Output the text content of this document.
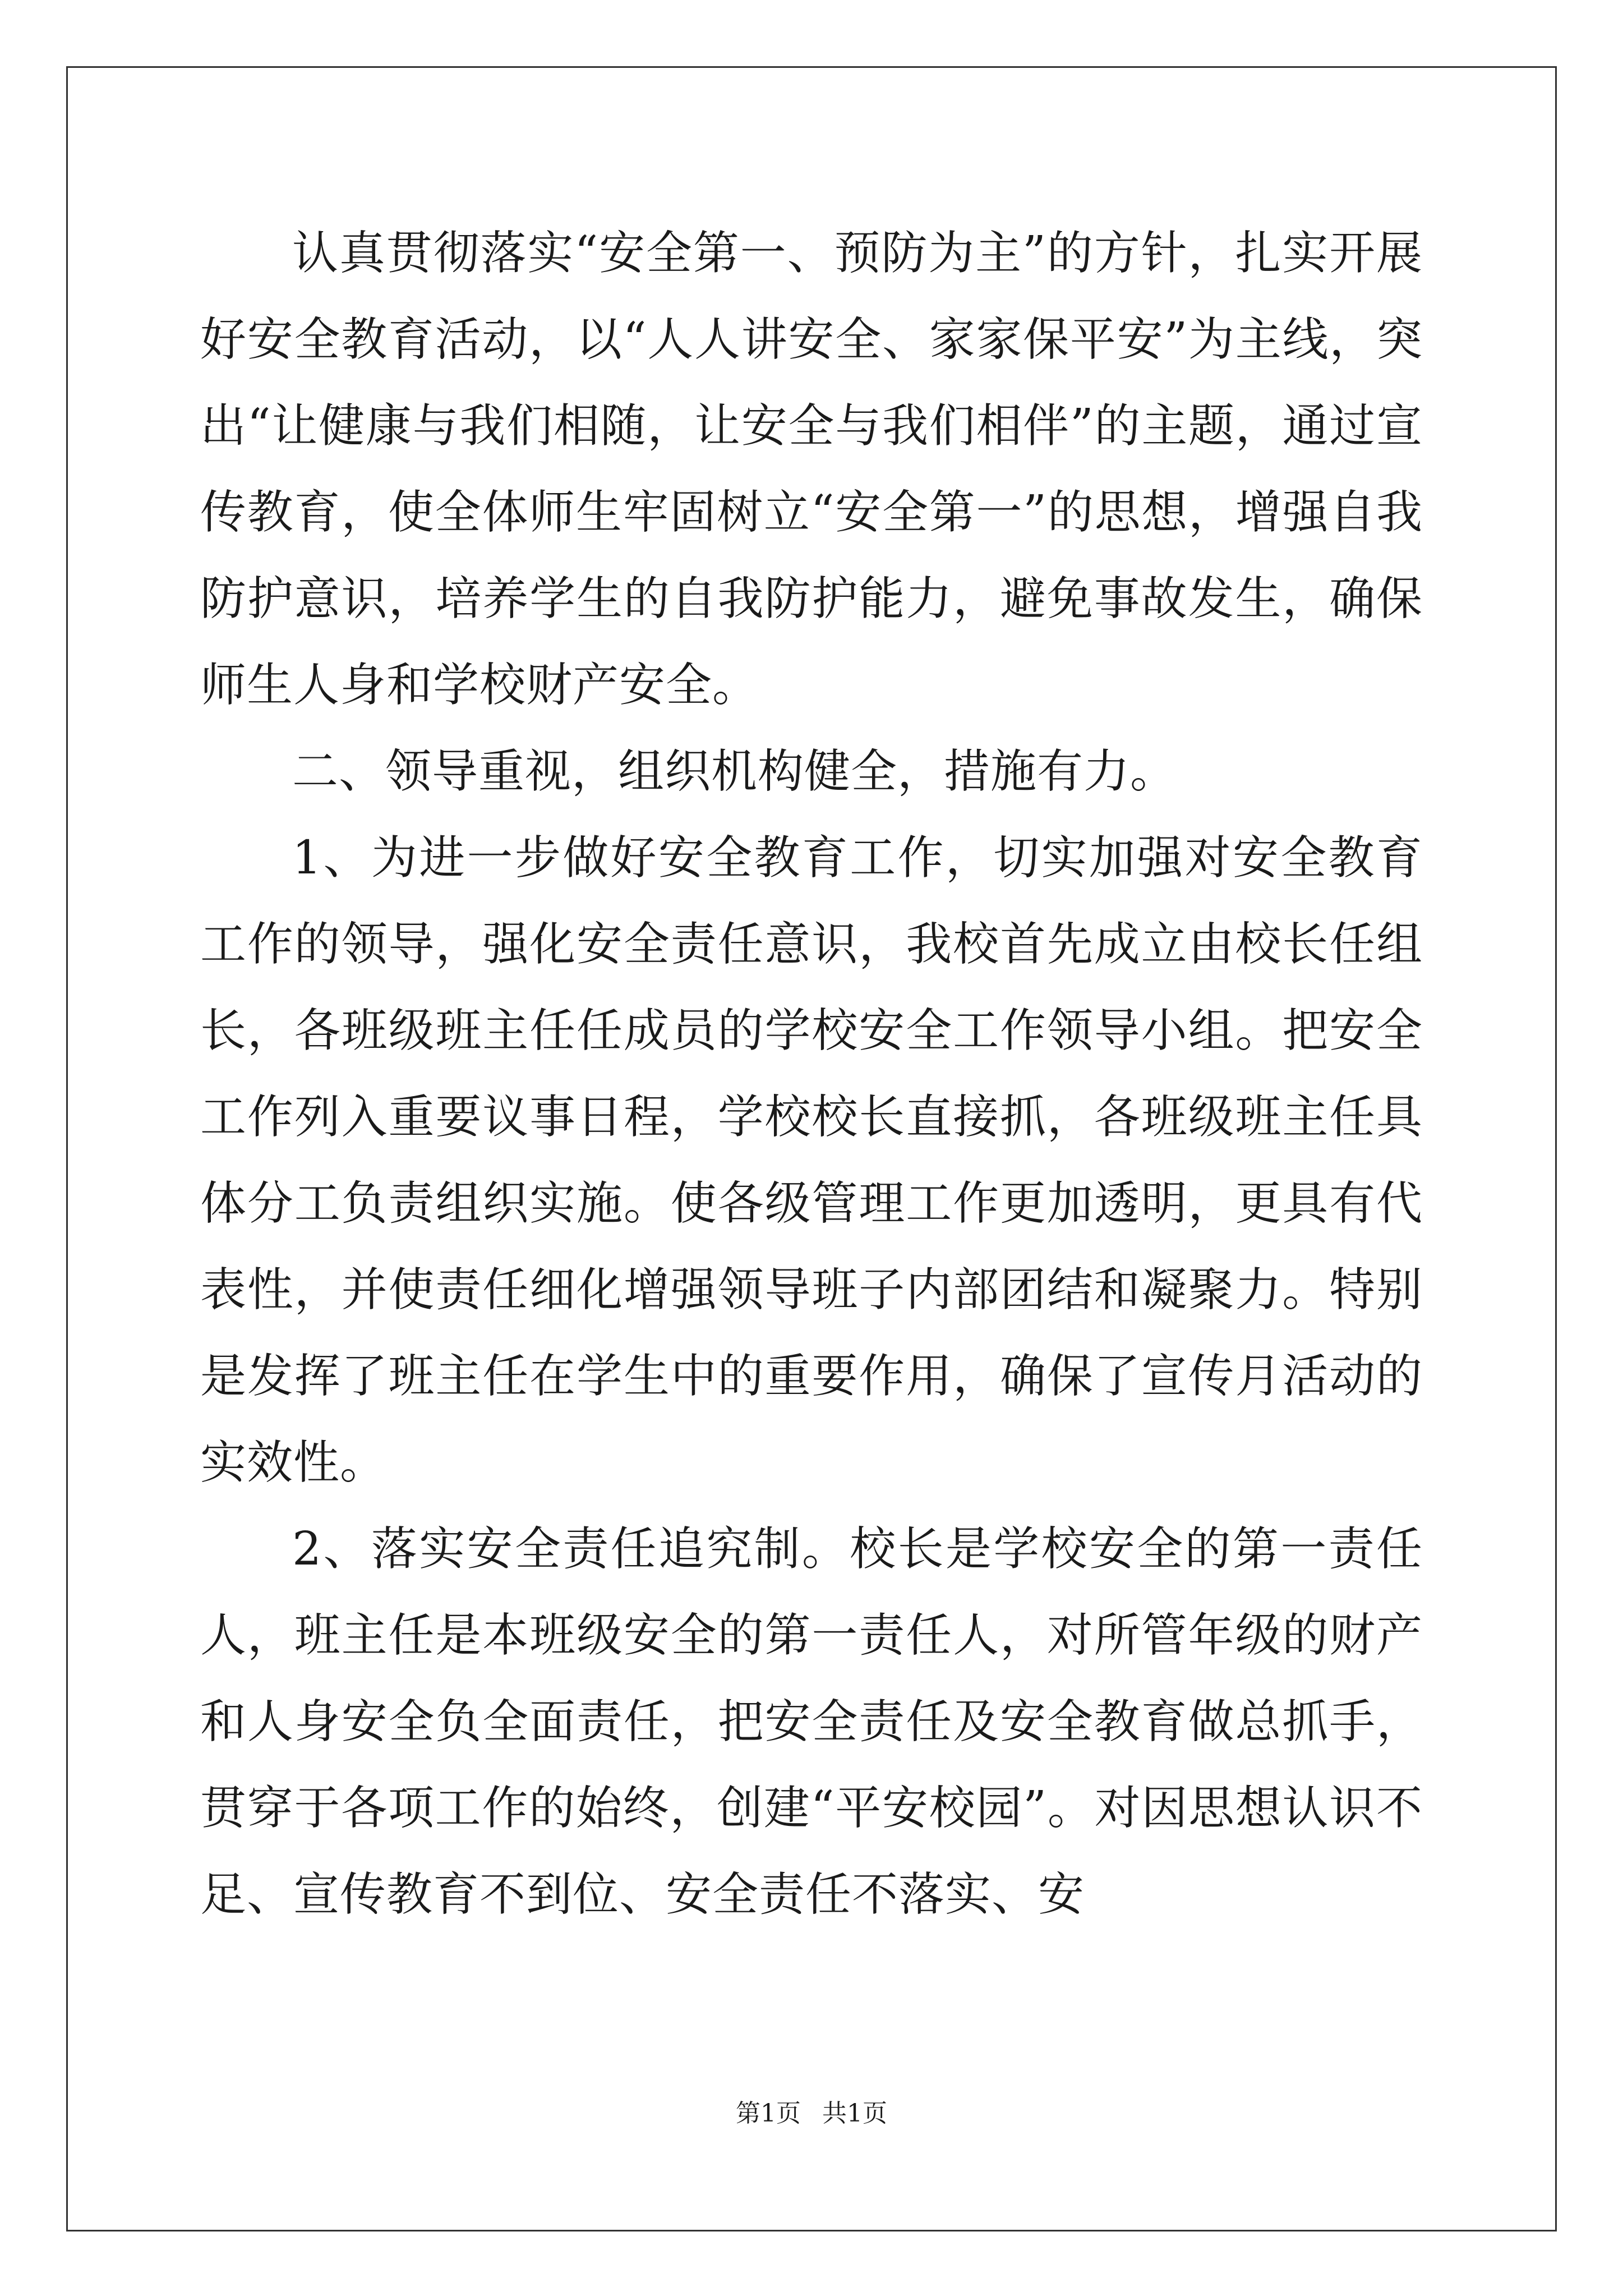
认真贯彻落实“安全第一、预防为主”的方针，扎实开展好安全教育活动，以“人人讲安全、家家保平安”为主线，突出“让健康与我们相随，让安全与我们相伴”的主题，通过宣传教育，使全体师生牢固树立“安全第一”的思想，增强自我防护意识，培养学生的自我防护能力，避免事故发生，确保师生人身和学校财产安全。

二、领导重视，组织机构健全，措施有力。

1、为进一步做好安全教育工作，切实加强对安全教育工作的领导，强化安全责任意识，我校首先成立由校长任组长，各班级班主任任成员的学校安全工作领导小组。把安全工作列入重要议事日程，学校校长直接抓，各班级班主任具体分工负责组织实施。使各级管理工作更加透明，更具有代表性，并使责任细化增强领导班子内部团结和凝聚力。特别是发挥了班主任在学生中的重要作用，确保了宣传月活动的实效性。

2、落实安全责任追究制。校长是学校安全的第一责任人，班主任是本班级安全的第一责任人，对所管年级的财产和人身安全负全面责任，把安全责任及安全教育做总抓手，贯穿于各项工作的始终，创建“平安校园”。对因思想认识不足、宣传教育不到位、安全责任不落实、安

第1页 共1页
